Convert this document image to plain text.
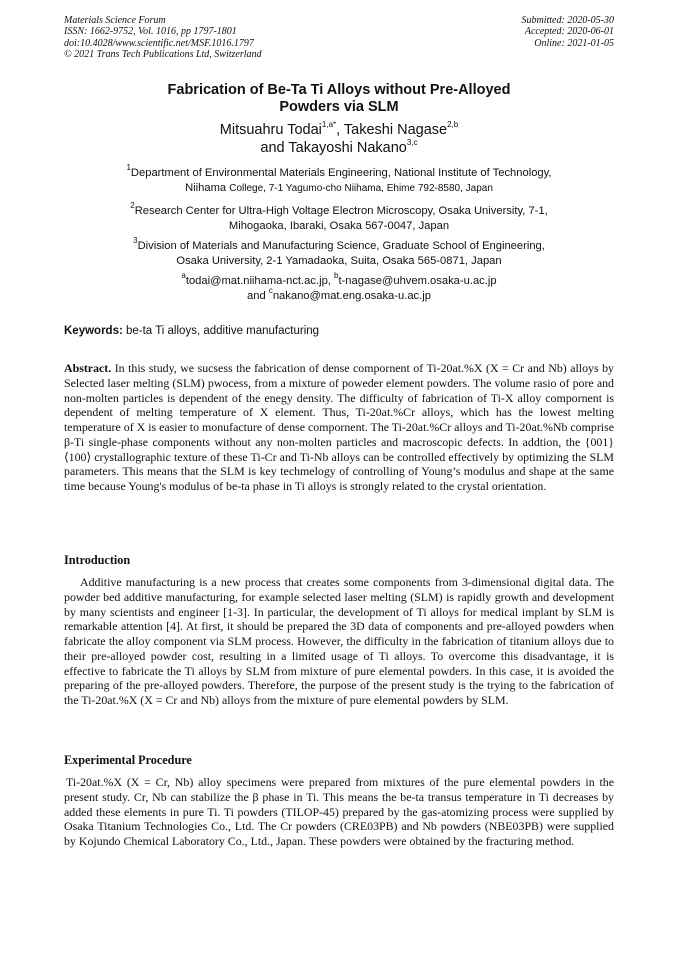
Materials Science Forum
ISSN: 1662-9752, Vol. 1016, pp 1797-1801
doi:10.4028/www.scientific.net/MSF.1016.1797
© 2021 Trans Tech Publications Ltd, Switzerland
Submitted: 2020-05-30
Accepted: 2020-06-01
Online: 2021-01-05
Fabrication of Be-Ta Ti Alloys without Pre-Alloyed
Powders via SLM
Mitsuahru Todai$^{1,a*}$, Takeshi Nagase$^{2,b}$
and Takayoshi Nakano$^{3,c}$
$^1$Department of Environmental Materials Engineering, National Institute of Technology,
Niihama College, 7-1 Yagumo-cho Niihama, Ehime 792-8580, Japan
$^2$Research Center for Ultra-High Voltage Electron Microscopy, Osaka University, 7-1,
Mihogaoka, Ibaraki, Osaka 567-0047, Japan
$^3$Division of Materials and Manufacturing Science, Graduate School of Engineering,
Osaka University, 2-1 Yamadaoka, Suita, Osaka 565-0871, Japan
$^a$todai@mat.niihama-nct.ac.jp, $^b$t-nagase@uhvem.osaka-u.ac.jp
and $^c$nakano@mat.eng.osaka-u.ac.jp
Keywords: be-ta Ti alloys, additive manufacturing
Abstract. In this study, we sucsess the fabrication of dense compornent of Ti-20at.%X (X = Cr and Nb) alloys by Selected laser melting (SLM) pwocess, from a mixture of poweder element powders. The volume rasio of pore and non-molten particles is dependent of the enegy density. The difficulty of fabrication of Ti-X alloy compornent is dependent of melting temperature of X element. Thus, Ti-20at.%Cr alloys, which has the lowest melting temperature of X is easier to monufacture of dense compornent. The Ti-20at.%Cr alloys and Ti-20at.%Nb comprise β-Ti single-phase components without any non-molten particles and macroscopic defects. In addtion, the {001}⟨100⟩ crystallographic texture of these Ti-Cr and Ti-Nb alloys can be controlled effectively by optimizing the SLM parameters. This means that the SLM is key techmelogy of controlling of Young’s modulus and shape at the same time because Young's modulus of be-ta phase in Ti alloys is strongly related to the crystal orientation.
Introduction
Additive manufacturing is a new process that creates some components from 3-dimensional digital data. The powder bed additive manufacturing, for example selected laser melting (SLM) is rapidly growth and development by many scientists and engineer [1-3]. In particular, the development of Ti alloys for medical implant by SLM is remarkable attention [4]. At first, it should be prepared the 3D data of components and pre-alloyed powders when fabricate the alloy component via SLM process. However, the difficulty in the fabrication of titanium alloys due to their pre-alloyed powder cost, resulting in a limited usage of Ti alloys. To overcome this disadvantage, it is effective to fabricate the Ti alloys by SLM from mixture of pure elemental powders. In this case, it is avoided the preparing of the pre-alloyed powders. Therefore, the purpose of the present study is the trying to the fabrication of the Ti-20at.%X (X = Cr and Nb) alloys from the mixture of pure elemental powders by SLM.
Experimental Procedure
Ti-20at.%X (X = Cr, Nb) alloy specimens were prepared from mixtures of the pure elemental powders in the present study. Cr, Nb can stabilize the β phase in Ti. This means the be-ta transus temperature in Ti decreases by added these elements in pure Ti. Ti powders (TILOP-45) prepared by the gas-atomizing process were supplied by Osaka Titanium Technologies Co., Ltd. The Cr powders (CRE03PB) and Nb powders (NBE03PB) were supplied by Kojundo Chemical Laboratory Co., Ltd., Japan. These powders were obtained by the fracturing method.
